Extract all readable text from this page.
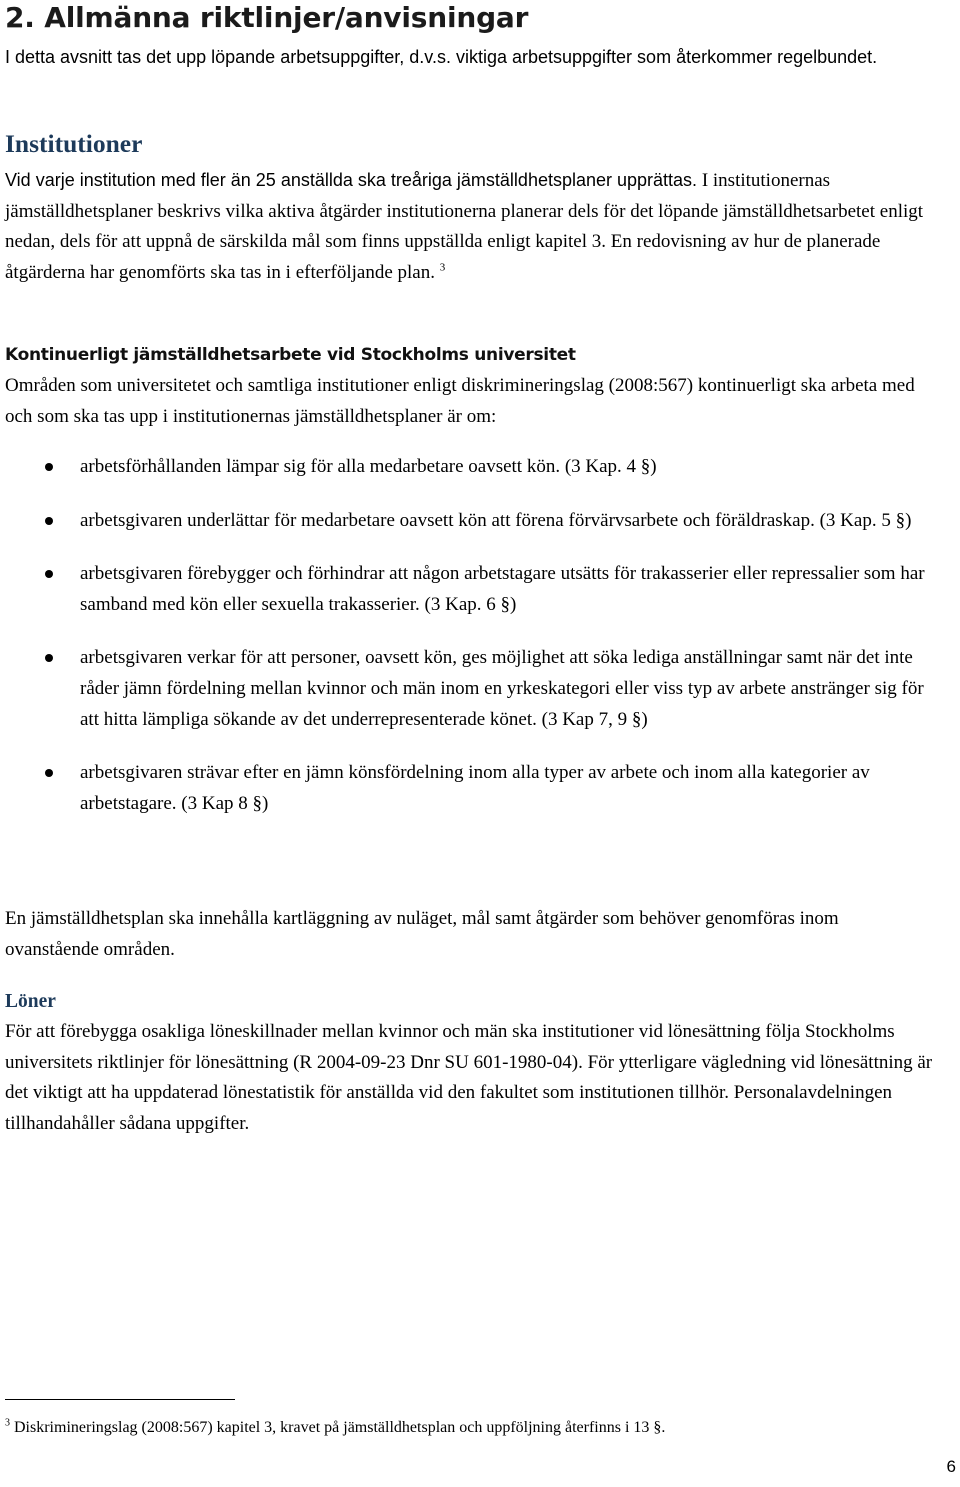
2. Allmänna riktlinjer/anvisningar

I detta avsnitt tas det upp löpande arbetsuppgifter, d.v.s. viktiga arbetsuppgifter som återkommer regelbundet.

Institutioner

Vid varje institution med fler än 25 anställda ska treåriga jämställdhetsplaner upprättas. I institutionernas jämställdhetsplaner beskrivs vilka aktiva åtgärder institutionerna planerar dels för det löpande jämställdhetsarbetet enligt nedan, dels för att uppnå de särskilda mål som finns uppställda enligt kapitel 3. En redovisning av hur de planerade åtgärderna har genomförts ska tas in i efterföljande plan. $^3$

Kontinuerligt jämställdhetsarbete vid Stockholms universitet

Områden som universitetet och samtliga institutioner enligt diskrimineringslag (2008:567) kontinuerligt ska arbeta med och som ska tas upp i institutionernas jämställdhetsplaner är om:

arbetsförhållanden lämpar sig för alla medarbetare oavsett kön. (3 Kap. 4 §)
arbetsgivaren underlättar för medarbetare oavsett kön att förena förvärvsarbete och föräldraskap. (3 Kap. 5 §)
arbetsgivaren förebygger och förhindrar att någon arbetstagare utsätts för trakasserier eller repressalier som har samband med kön eller sexuella trakasserier. (3 Kap. 6 §)
arbetsgivaren verkar för att personer, oavsett kön, ges möjlighet att söka lediga anställningar samt när det inte råder jämn fördelning mellan kvinnor och män inom en yrkeskategori eller viss typ av arbete anstränger sig för att hitta lämpliga sökande av det underrepresenterade könet. (3 Kap 7, 9 §)
arbetsgivaren strävar efter en jämn könsfördelning inom alla typer av arbete och inom alla kategorier av arbetstagare. (3 Kap 8 §)

En jämställdhetsplan ska innehålla kartläggning av nuläget, mål samt åtgärder som behöver genomföras inom ovanstående områden.

Löner

För att förebygga osakliga löneskillnader mellan kvinnor och män ska institutioner vid lönesättning följa Stockholms universitets riktlinjer för lönesättning (R 2004-09-23 Dnr SU 601-1980-04). För ytterligare vägledning vid lönesättning är det viktigt att ha uppdaterad lönestatistik för anställda vid den fakultet som institutionen tillhör. Personalavdelningen tillhandahåller sådana uppgifter.

$^3$ Diskrimineringslag (2008:567) kapitel 3, kravet på jämställdhetsplan och uppföljning återfinns i 13 §.
6
